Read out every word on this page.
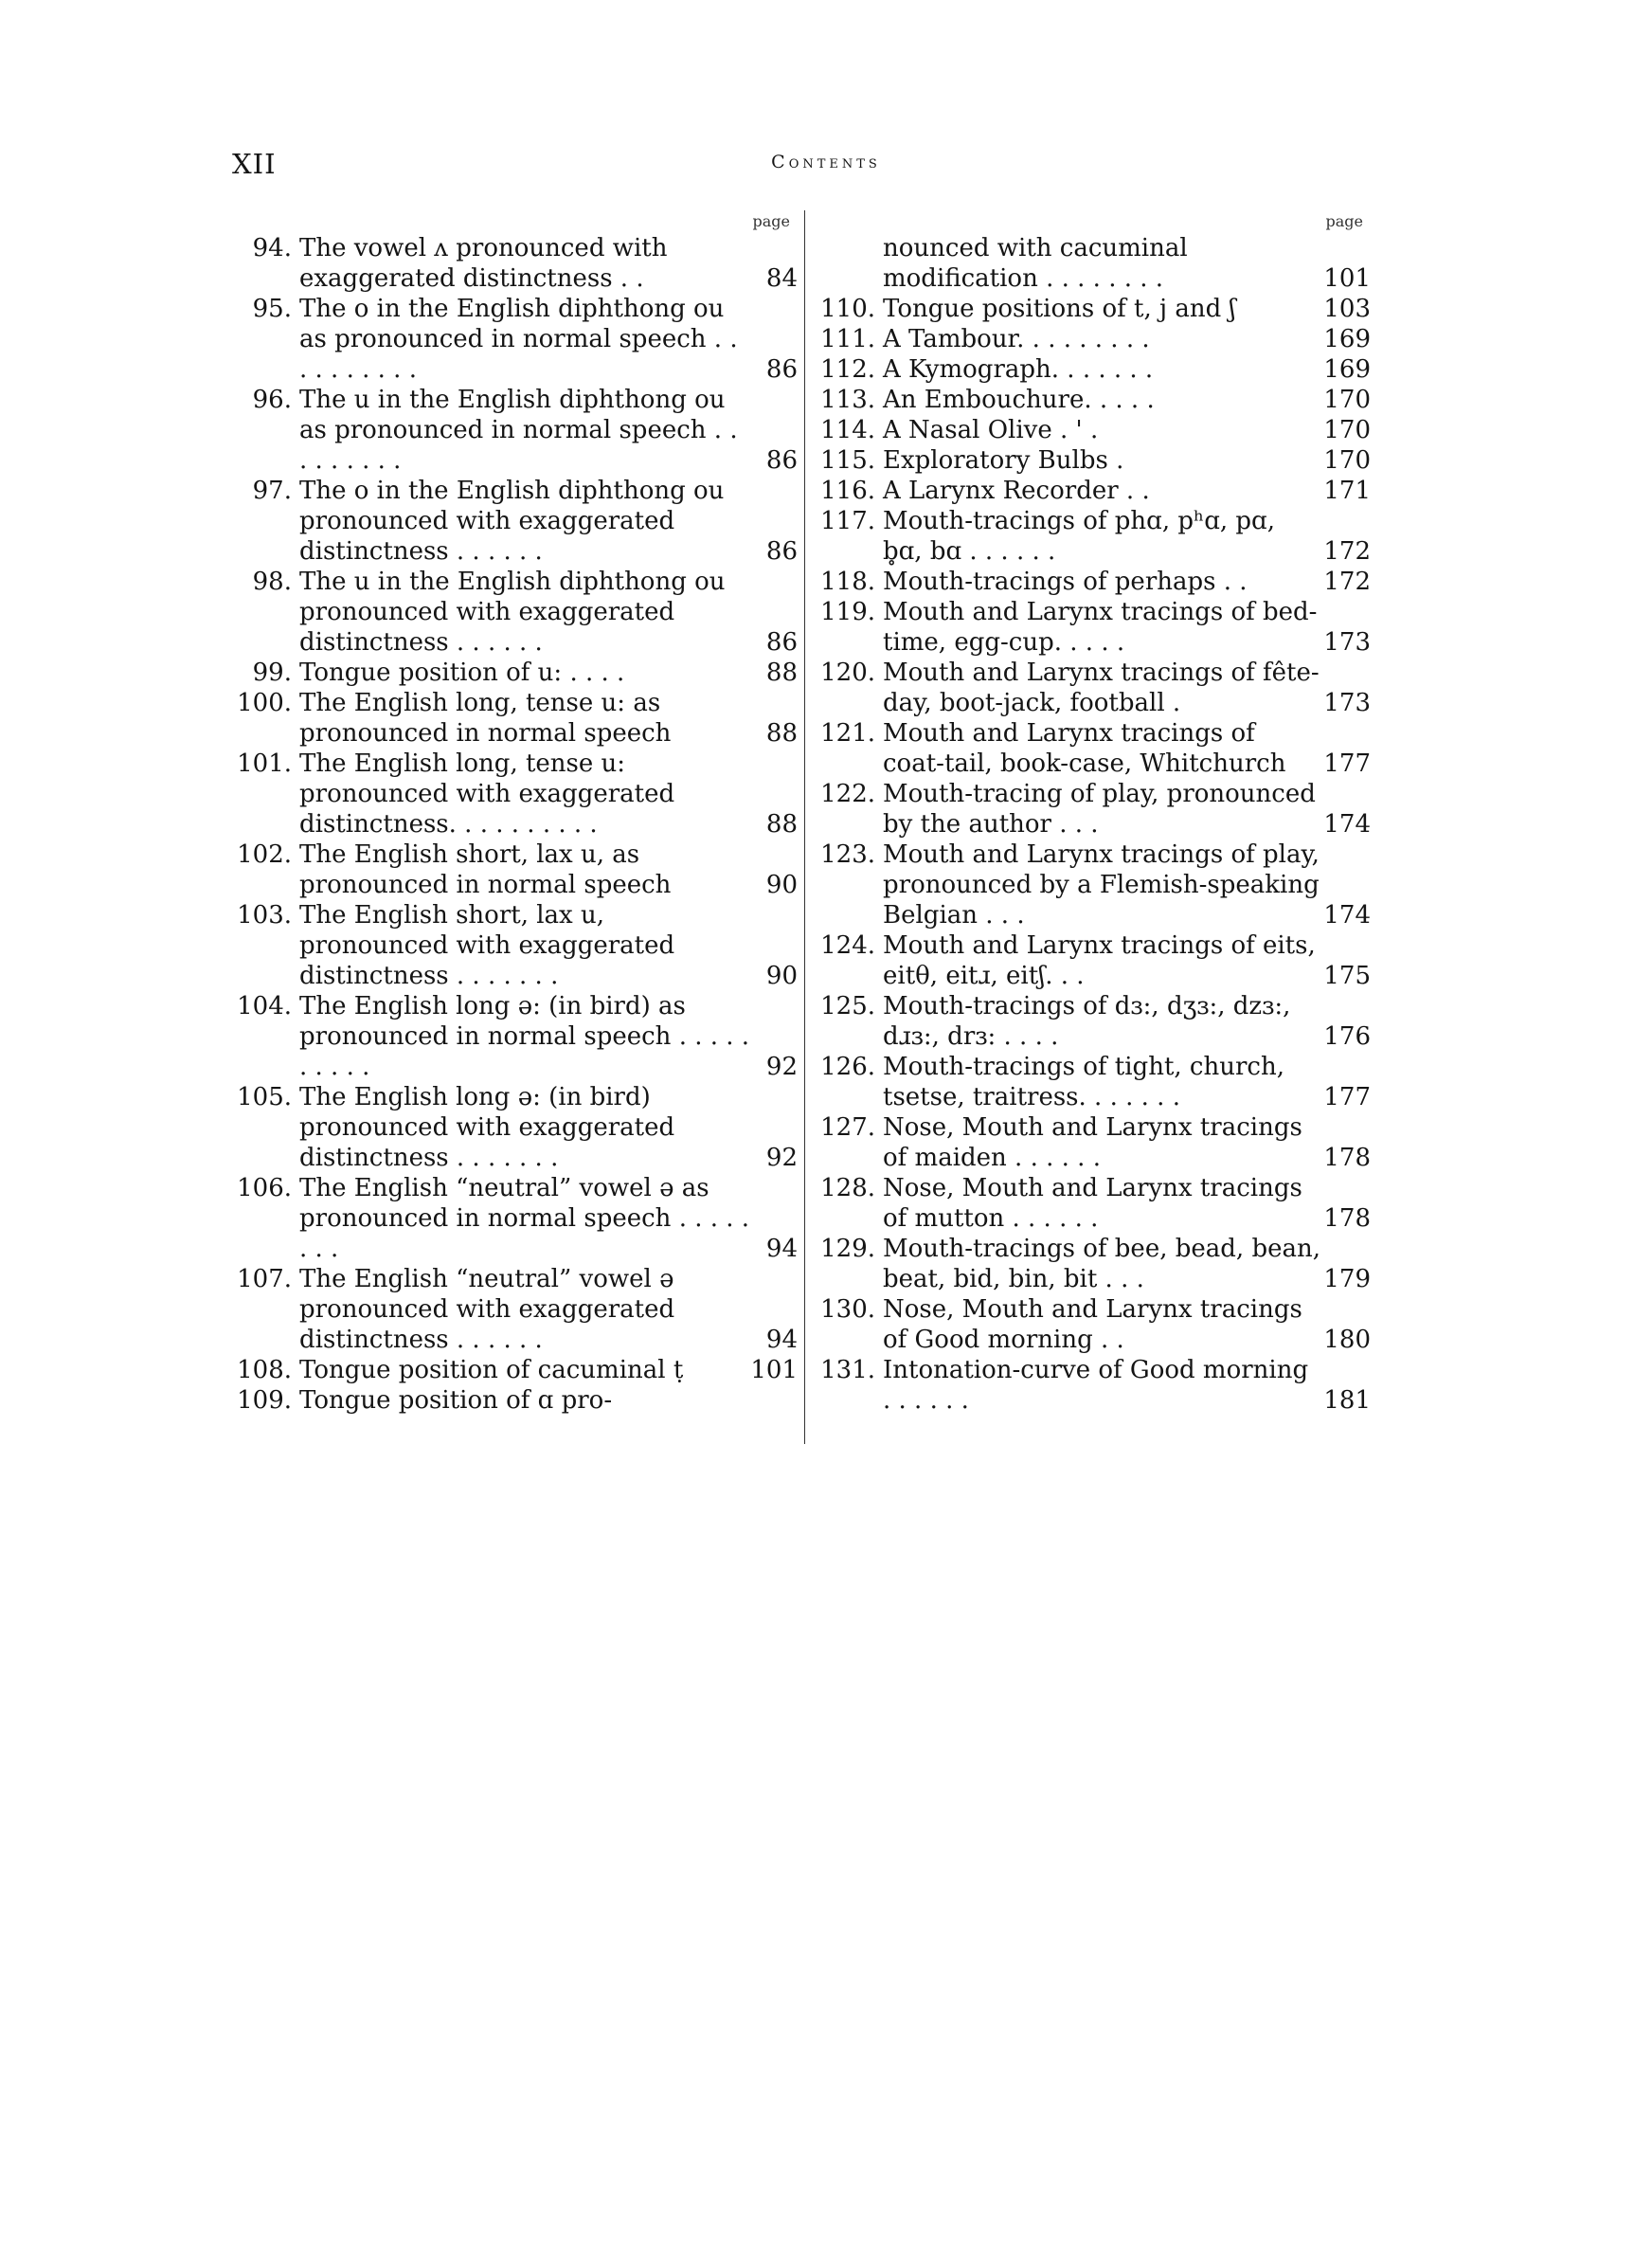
XII	Contents
page
94. The vowel ʌ pronounced with exaggerated distinctness . .	84
95. The o in the English diphthong ou as pronounced in normal speech . . . . . . . . . .	86
96. The u in the English diphthong ou as pronounced in normal speech . . . . . . . . .	86
97. The o in the English diphthong ou pronounced with exaggerated distinctness . . . . . .	86
98. The u in the English diphthong ou pronounced with exaggerated distinctness . . . . . .	86
99. Tongue position of u: . . . .	88
100. The English long, tense u: as pronounced in normal speech	88
101. The English long, tense u: pronounced with exaggerated distinctness. . . . . . . . . .	88
102. The English short, lax u, as pronounced in normal speech	90
103. The English short, lax u, pronounced with exaggerated distinctness . . . . . . .	90
104. The English long ə: (in bird) as pronounced in normal speech . . . . . . . . . .	92
105. The English long ə: (in bird) pronounced with exaggerated distinctness . . . . . . .	92
106. The English “neutral” vowel ə as pronounced in normal speech . . . . . . . .	94
107. The English “neutral” vowel ə pronounced with exaggerated distinctness . . . . . .	94
108. Tongue position of cacuminal ṭ	101
109. Tongue position of ɑ pro-
page
nounced with cacuminal modification . . . . . . . .	101
110. Tongue positions of t, j and ʃ	103
111. A Tambour. . . . . . . . .	169
112. A Kymograph. . . . . . .	169
113. An Embouchure. . . . .	170
114. A Nasal Olive . ' .	170
115. Exploratory Bulbs .	170
116. A Larynx Recorder . .	171
117. Mouth-tracings of phɑ, pʰɑ, pɑ, b̥ɑ, bɑ . . . . . .	172
118. Mouth-tracings of perhaps . .	172
119. Mouth and Larynx tracings of bed-time, egg-cup. . . . .	173
120. Mouth and Larynx tracings of fête-day, boot-jack, football .	173
121. Mouth and Larynx tracings of coat-tail, book-case, Whitchurch	177
122. Mouth-tracing of play, pronounced by the author . . .	174
123. Mouth and Larynx tracings of play, pronounced by a Flemish-speaking Belgian . . .	174
124. Mouth and Larynx tracings of eits, eitθ, eitɹ, eitʃ. . .	175
125. Mouth-tracings of dɜ:, dʒɜ:, dzɜ:, dɹɜ:, drɜ: . . . .	176
126. Mouth-tracings of tight, church, tsetse, traitress. . . . . . .	177
127. Nose, Mouth and Larynx tracings of maiden . . . . . .	178
128. Nose, Mouth and Larynx tracings of mutton . . . . . .	178
129. Mouth-tracings of bee, bead, bean, beat, bid, bin, bit . . .	179
130. Nose, Mouth and Larynx tracings of Good morning . .	180
131. Intonation-curve of Good morning . . . . . .	181
